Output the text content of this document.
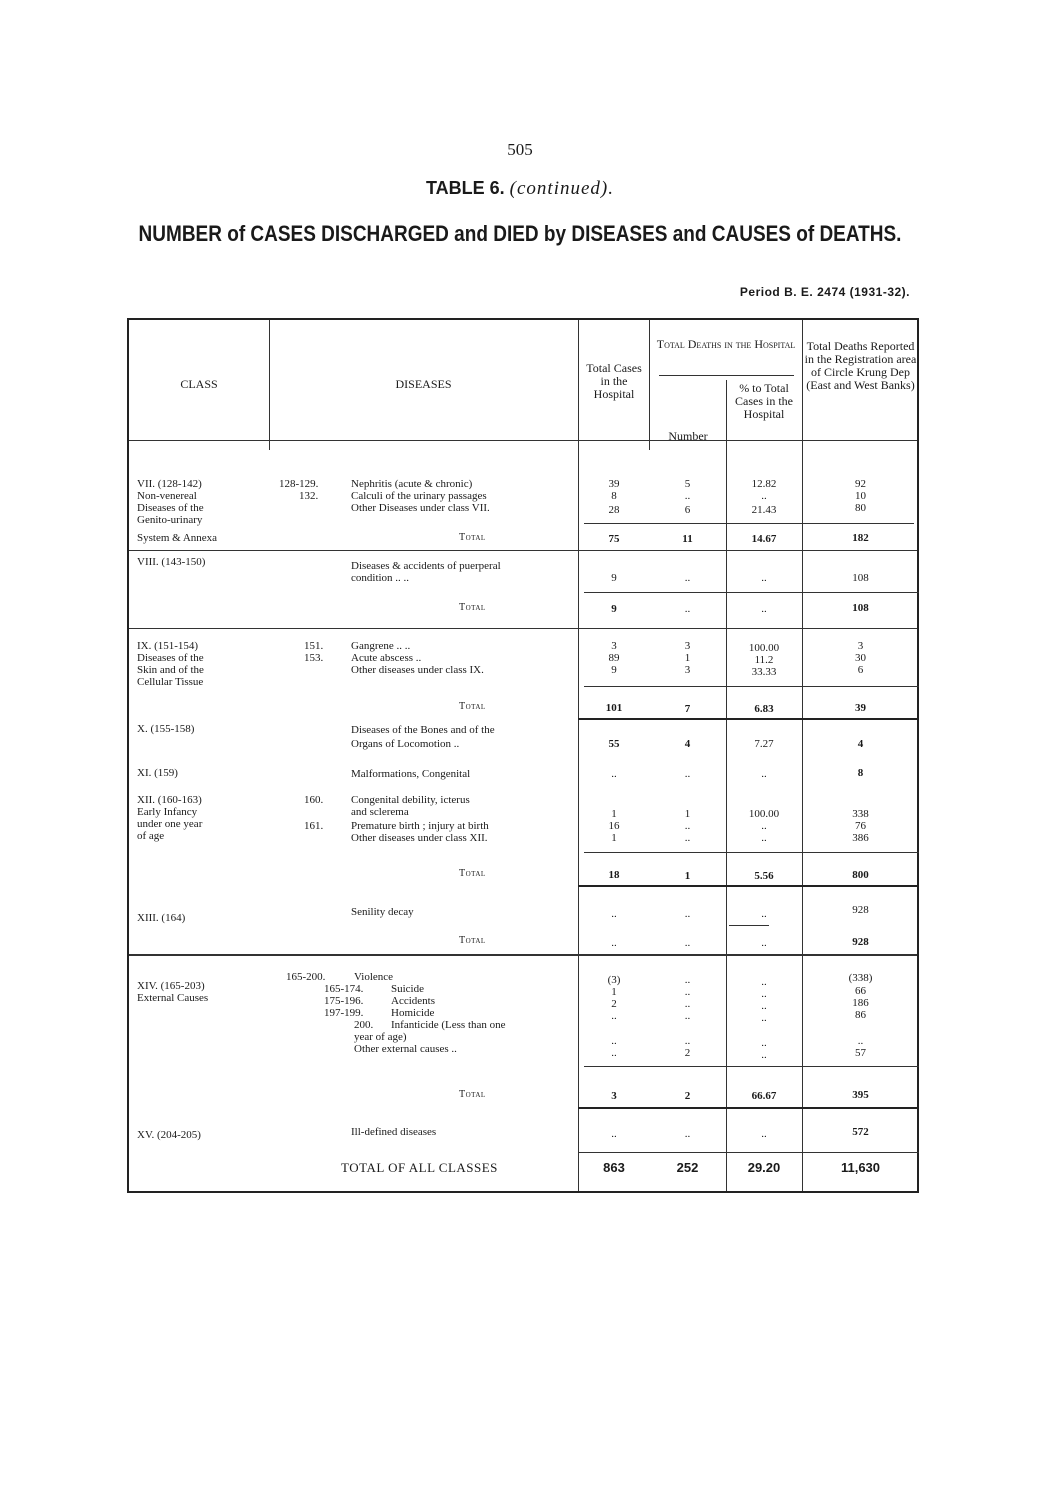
505
TABLE 6. (continued).
NUMBER of CASES DISCHARGED and DIED by DISEASES and CAUSES of DEATHS.
Period B. E. 2474 (1931-32).
CLASS	DISEASES
Total Cases in the Hospital
Total Deaths in the Hospital
Number
% to Total Cases in the Hospital
Total Deaths Reported in the Registration area of Circle Krung Dep (East and West Banks)
VII. (128-142)
Non-venereal
Diseases of the
Genito-urinary
System & Annexa
128-129.	Nephritis (acute & chronic)	39	5	12.82	92
132.	Calculi of the urinary passages	8	..	..	10
Other Diseases under class VII.	28	6	21.43	80
Total	75	11	14.67	182
VIII. (143-150)	Diseases & accidents of puerperal
condition .. ..	9	..	..	108
Total	9	..	..	108
IX. (151-154)
Diseases of the
Skin and of the
Cellular Tissue
151.	Gangrene .. ..	3	3	100.00	3
153.	Acute abscess ..	89	1	11.2	30
Other diseases under class IX.	9	3	33.33	6
Total	101	7	6.83	39
X. (155-158)	Diseases of the Bones and of the
Organs of Locomotion ..	55	4	7.27	4
XI. (159)	Malformations, Congenital	..	..	..	8
XII. (160-163)
Early Infancy
under one year
of age
160.	Congenital debility, icterus
and sclerema	1	1	100.00	338
161.	Premature birth ; injury at birth	16	..	..	76
Other diseases under class XII.	1	..	..	386
Total	18	1	5.56	800
XIII. (164)	Senility decay	..	..	..	928
Total	..	..	..	928
XIV. (165-203)
External Causes
165-200.	Violence	(3)	..	..	(338)
165-174.	Suicide	1	..	..	66
175-196.	Accidents	2	..	..	186
197-199.	Homicide	..	..	..	86
200. Infanticide (Less than one
year of age)	..	..	..	..
Other external causes ..	..	2	..	57
Total	3	2	66.67	395
XV. (204-205)	Ill-defined diseases	..	..	..	572
TOTAL OF ALL CLASSES	863	252	29.20	11,630
